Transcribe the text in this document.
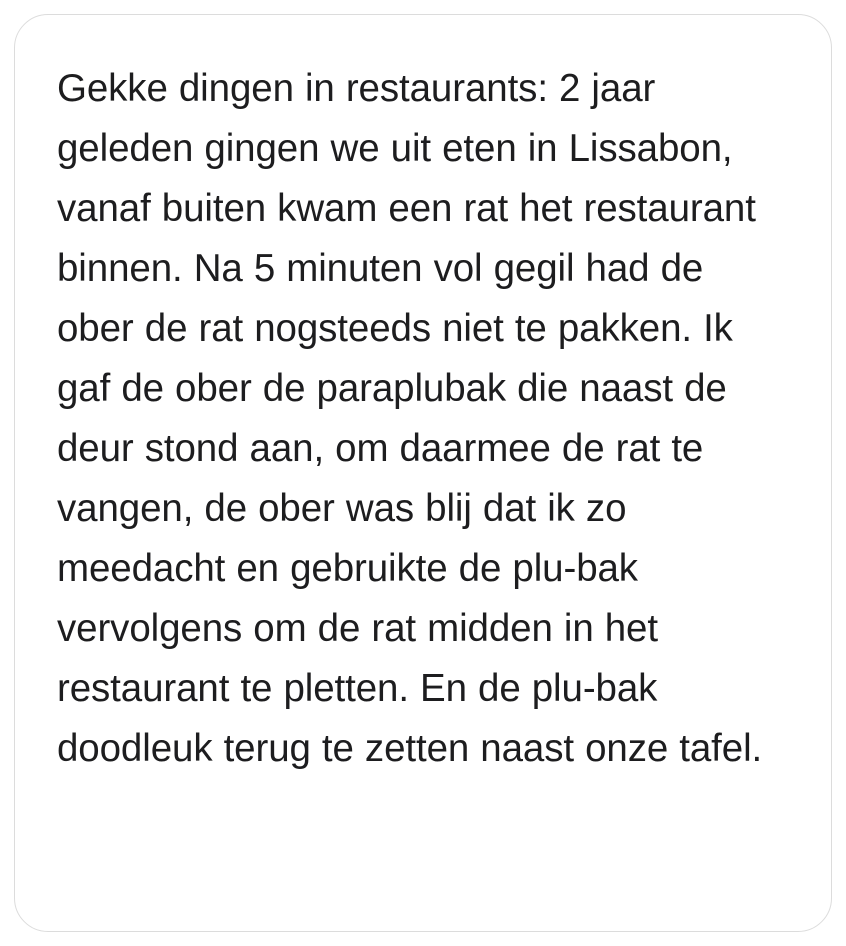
Gekke dingen in restaurants: 2 jaar geleden gingen we uit eten in Lissabon, vanaf buiten kwam een rat het restaurant binnen. Na 5 minuten vol gegil had de ober de rat nogsteeds niet te pakken. Ik gaf de ober de paraplubak die naast de deur stond aan, om daarmee de rat te vangen, de ober was blij dat ik zo meedacht en gebruikte de plu-bak vervolgens om de rat midden in het restaurant te pletten. En de plu-bak doodleuk terug te zetten naast onze tafel.
